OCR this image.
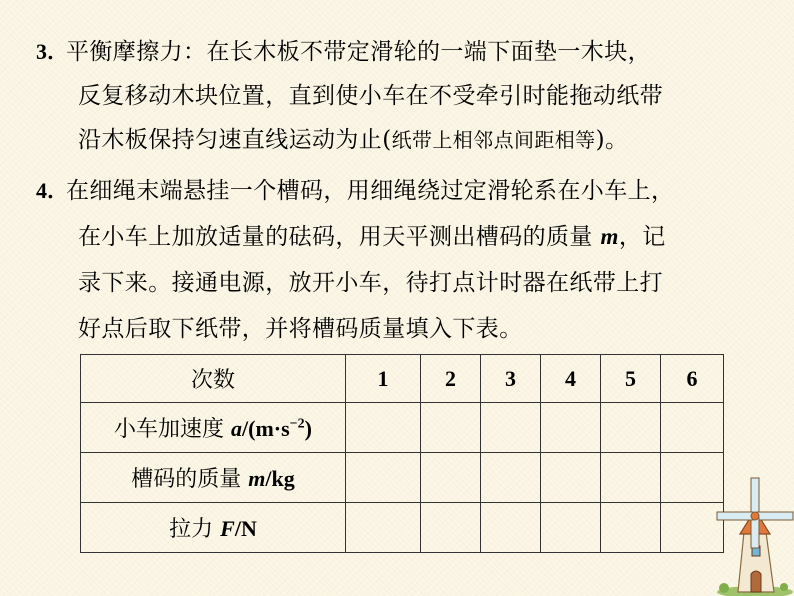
3．
平衡摩擦力：在长木板不带定滑轮的一端下面垫一木块，
反复移动木块位置，直到使小车在不受牵引时能拖动纸带
沿木板保持匀速直线运动为止(纸带上相邻点间距相等)。
4．
在细绳末端悬挂一个槽码，用细绳绕过定滑轮系在小车上，
在小车上加放适量的砝码，用天平测出槽码的质量 m，记
录下来。接通电源，放开小车，待打点计时器在纸带上打
好点后取下纸带，并将槽码质量填入下表。
次数	1	2	3	4	5	6
小车加速度 $a/(m\cdot s^{-2})$						
槽码的质量 m/kg						
拉力 F/N						
